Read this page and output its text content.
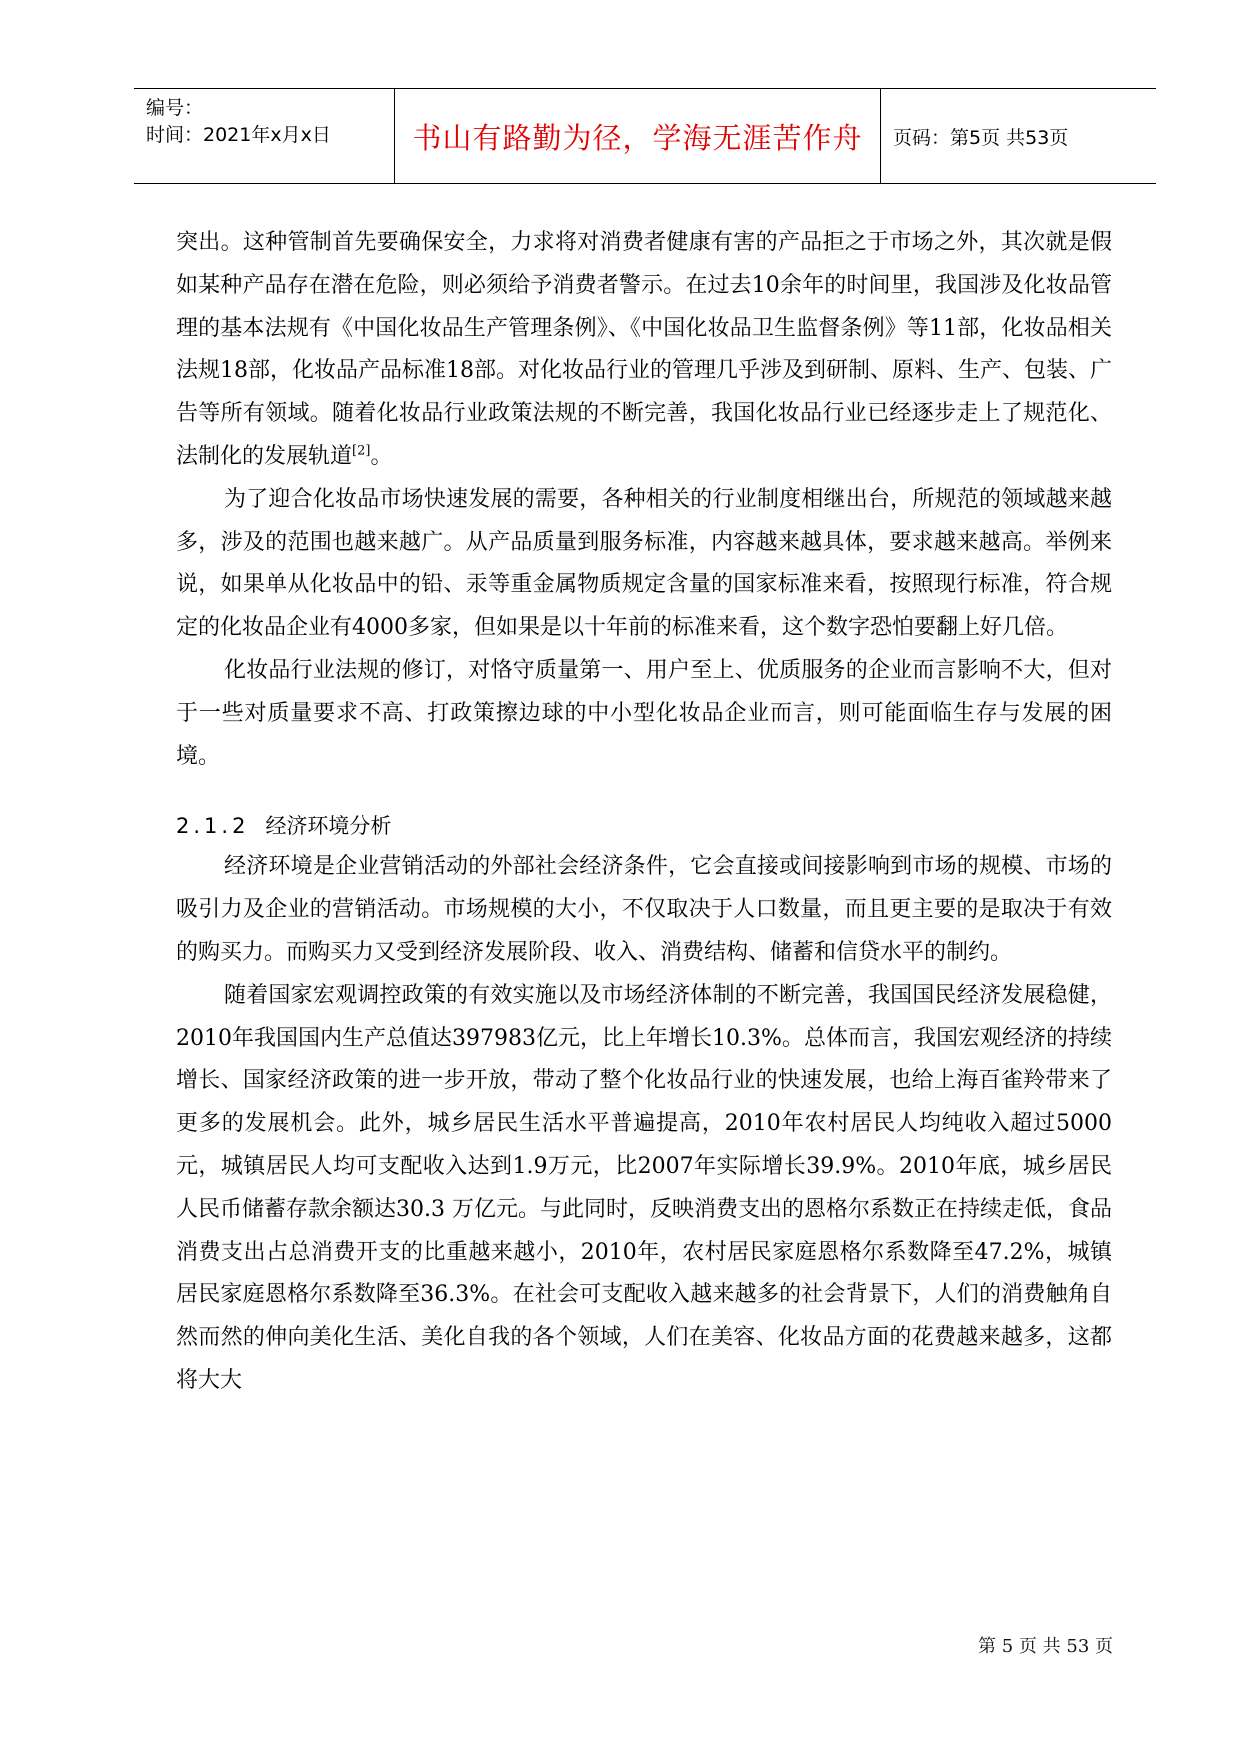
编号：
时间：2021年x月x日	书山有路勤为径，学海无涯苦作舟	页码：第5页 共53页

突出。这种管制首先要确保安全，力求将对消费者健康有害的产品拒之于市场之外，其次就是假如某种产品存在潜在危险，则必须给予消费者警示。在过去10余年的时间里，我国涉及化妆品管理的基本法规有《中国化妆品生产管理条例》、《中国化妆品卫生监督条例》等11部，化妆品相关法规18部，化妆品产品标准18部。对化妆品行业的管理几乎涉及到研制、原料、生产、包装、广告等所有领域。随着化妆品行业政策法规的不断完善，我国化妆品行业已经逐步走上了规范化、法制化的发展轨道[2]。

为了迎合化妆品市场快速发展的需要，各种相关的行业制度相继出台，所规范的领域越来越多，涉及的范围也越来越广。从产品质量到服务标准，内容越来越具体，要求越来越高。举例来说，如果单从化妆品中的铅、汞等重金属物质规定含量的国家标准来看，按照现行标准，符合规定的化妆品企业有4000多家，但如果是以十年前的标准来看，这个数字恐怕要翻上好几倍。

化妆品行业法规的修订，对恪守质量第一、用户至上、优质服务的企业而言影响不大，但对于一些对质量要求不高、打政策擦边球的中小型化妆品企业而言，则可能面临生存与发展的困境。

2.1.2 经济环境分析

经济环境是企业营销活动的外部社会经济条件，它会直接或间接影响到市场的规模、市场的吸引力及企业的营销活动。市场规模的大小，不仅取决于人口数量，而且更主要的是取决于有效的购买力。而购买力又受到经济发展阶段、收入、消费结构、储蓄和信贷水平的制约。

随着国家宏观调控政策的有效实施以及市场经济体制的不断完善，我国国民经济发展稳健，2010年我国国内生产总值达397983亿元，比上年增长10.3%。总体而言，我国宏观经济的持续增长、国家经济政策的进一步开放，带动了整个化妆品行业的快速发展，也给上海百雀羚带来了更多的发展机会。此外，城乡居民生活水平普遍提高，2010年农村居民人均纯收入超过5000元，城镇居民人均可支配收入达到1.9万元，比2007年实际增长39.9%。2010年底，城乡居民人民币储蓄存款余额达30.3 万亿元。与此同时，反映消费支出的恩格尔系数正在持续走低，食品消费支出占总消费开支的比重越来越小，2010年，农村居民家庭恩格尔系数降至47.2%，城镇居民家庭恩格尔系数降至36.3%。在社会可支配收入越来越多的社会背景下，人们的消费触角自然而然的伸向美化生活、美化自我的各个领域，人们在美容、化妆品方面的花费越来越多，这都将大大

第 5 页 共 53 页
